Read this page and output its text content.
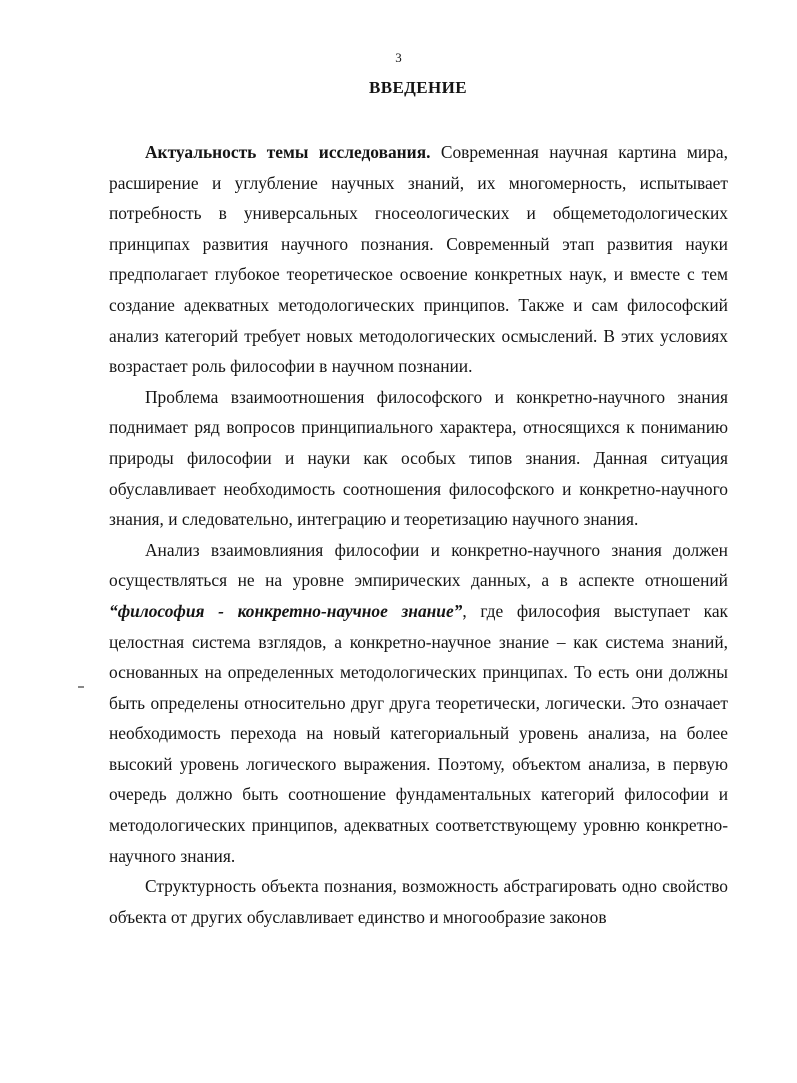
3
ВВЕДЕНИЕ

Актуальность темы исследования. Современная научная картина мира, расширение и углубление научных знаний, их многомерность, испытывает потребность в универсальных гносеологических и общеметодологических принципах развития научного познания. Современный этап развития науки предполагает глубокое теоретическое освоение конкретных наук, и вместе с тем создание адекватных методологических принципов. Также и сам философский анализ категорий требует новых методологических осмыслений. В этих условиях возрастает роль философии в научном познании.

Проблема взаимоотношения философского и конкретно-научного знания поднимает ряд вопросов принципиального характера, относящихся к пониманию природы философии и науки как особых типов знания. Данная ситуация обуславливает необходимость соотношения философского и конкретно-научного знания, и следовательно, интеграцию и теоретизацию научного знания.

Анализ взаимовлияния философии и конкретно-научного знания должен осуществляться не на уровне эмпирических данных, а в аспекте отношений “философия - конкретно-научное знание”, где философия выступает как целостная система взглядов, а конкретно-научное знание – как система знаний, основанных на определенных методологических принципах. То есть они должны быть определены относительно друг друга теоретически, логически. Это означает необходимость перехода на новый категориальный уровень анализа, на более высокий уровень логического выражения. Поэтому, объектом анализа, в первую очередь должно быть соотношение фундаментальных категорий философии и методологических принципов, адекватных соответствующему уровню конкретно-научного знания.

Структурность объекта познания, возможность абстрагировать одно свойство объекта от других обуславливает единство и многообразие законов
